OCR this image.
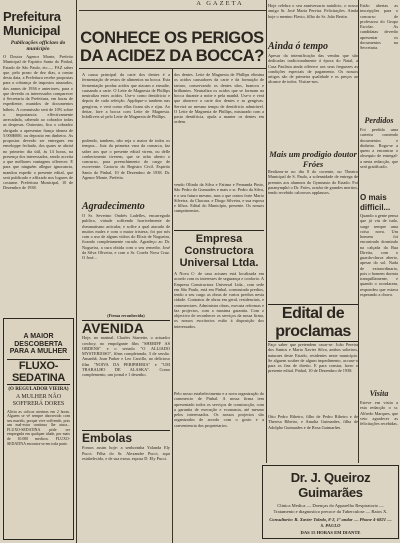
A GAZETA
Prefeitura Municipal
Publicações officiaes do município

O Doutor Agenor Monte, Prefeito Municipal de Espirito Santo do Pinhal, Estado de São Paulo, etc.— FAZ saber que, pelo prazo de dez dias, a contar desta data, a Prefeitura recebe propostas para a cobrança de impostos atrazados, dos annos de 1936 e anteriores, para o que deverão os interessados comparecer á Secretaria da Prefeitura, em horas de expediente, munidos de documentos hábeis. A commissão será de 10% sobre a importancia effectivamente arrecadada, cabendo ao cobrador todas as despesas. Outrosim, fica o cobrador obrigado a apresentar fiança idonea de 5:000$000, ou deposito em dinheiro. As propostas deverão ser entregues em enveloppe fechado, dos quaes se abrirá no primeiro dia útil, ás 14 horas, na presença dos interessados, sendo acceita a que melhores vantagens offerecer. E para que ninguém allegue ignorancia, mandou expedir o presente edital, que será publicado e affixado nos logares de costume. Prefeitura Municipal, 10 de Dezembro de 1938.

A MAIOR DESCOBERTA PARA A MULHER
FLUXO-SEDATINA
(O REGULADOR VIEIRA)
A MULHER NÃO SOFFRERÁ DORES
Alivia as colicas uterinas em 2 horas. Alguem se vê sempre aborrecido com seu marido, porque vive soffrendo, pois um mal-estar continuo lhe ataca... FLUXO-SEDATINA póde ser empregada em qualquer idade, por mais de 10.000 medicos. FLUXO-SEDATINA encontra-se em toda parte.
CONHECE OS PERIGOS DA ACIDEZ DA BOCCA?

A causa principal da carie dos dentes é a fermentação de restos de alimentos na bocca. Esta fermentação produz acidos que atacam o esmalte, causando a carie. O Leite de Magnesia de Phillips neutraliza estes acidos. Use-o como dentifricio e depois de cada refeição. Applique-o tambem nas gengivas, e verá como ellas ficam sãs e rijas. Ao deitar, lave a bocca com Leite de Magnesia. Infalliveis só pelo Leite de Magnesia de Phillips.

podendo, tambem, não seja o maior de todos os tempos... Juiz da primeira vara da comarca, faz saber aos que o presente edital virem, ou delle conhecimento tiverem, que se acha aberto o concurso, para preenchimento do cargo de escrevente. Cartorio do Registro Civil. Espirito Santo do Pinhal, 10 de Dezembro de 1938. Dr. Agenor Monte, Prefeito.

Agradecimento

O Sr. Severino Ondrés Ladelles, encarregado publico, virtude soffrendo horrivelmente de rheumatismo articular, e soffre a qual atacado de muitos males e com o maior tristeza, foi por nós com o uso de alguns vidros do Elixir de Nogueira, ficando completamente curado. Agradeço ao Dr. Nogueira, a cura obtida com o seu remedio. José da Silva Oliveira, e com o Sr. Corrêa Nova Cruz. O José...

(Firma reconhecida)
AVENIDA

Hoje, no matinal, Charles Starrette, o actuador cowboy, no empolgante film "SHERIFF AS ORDENS" e o seriado "O ALLIADO MYSTERIOSO", films completando, 3 de sessão. Amanhã, Joan Parker e Leo Carrillo, no delicioso film "NOIVA DA PERIPHERIA" e "UM TRABALHO DE ALASKA". Como complemento, um jornal e 1 desenho.

Embolas

Fomos assim hoje: a senhorinha Yolanda Ely Pucci. Filha do Sr. Alexandre Pucci, aqui estabelecido, e de sua exma. esposa D. Ely Pucci.

dos dentes. Leite de Magnesia de Phillips elimina os acidos causadores da carie e da formação de tartaro, conservando os dentes sãos, brancos e brilhantes. Neutraliza os acidos que se formam na bocca durante a noite e pela manhã. Use-o e verá que aborrece a carie dos dentes e as gengivas. Servirá ao mesmo tempo de dentifricio admirável. O Leite de Magnesia de Phillips, misturado com a pasta dentifricia, ajuda a manter os dentes em ordem.

vendo Olinda da Silva e Fatima e Fernanda Pinto, São Pedro do Gumarães e mais o sr. Pedro da Silva, e o seu futuro mesmo, mas o que outros forte Mario Silveira, da Chacara, e Diogo Silveira, e sua esposa e filhos. Edital do Município, presente. Os nossos cumprimentos.

Empresa Constructora Universal Ltda.

A Nova C- de casa actuaes está localizada em acordo com os interesses de segurança e conforto. A Empresa Constructora Universal Ltda., com sede em São Paulo, está em Pinhal, construindo predios, tendo a seu cargo as obras de varios predios nesta cidade. Contratos de obras em geral, residenciais, e commerciaes. Administra obras, executa reformas e faz projectos, com a maxima garantia. Com o objectivo de reconhecer os serviços da nossa firma, os nossos escritorios estão á disposição dos interessados.

Pelo nosso estabelecimento e a nova organização do commercio de Pinhal. A nossa firma tem apresentado todos os serviços de construcção, com a garantia de execução e economia, até mesmo pelos interessados. Os nossos projectos são organizados de acordo com o gosto e a conveniencia dos proprietarios.

Hoje celebra o seu anniversario natalicio, o nosso amigo Sr. José Maria Pereira. Felicitações. Ainda hoje o menino Flavio, filho do Sr. João Bertin.

Ainda ó tempo

Apesar da intensificação das vendas que são dedicadas tradicionalmente á época do Natal, a Casa Paulista ainda offerece aos seus freguezes as condições especiais de pagamento. Os nossos artigos são de primeira qualidade e os preços ao alcance de todos. Visitae-nos.

Mais um prodigio doutor Fróes

Realizou-se no dia 8 do corrente, no Theatro Municipal de S. Paulo, a solennidade de entrega de premios aos alumnos do Gymnasio do Estado. Foi paranymphó o Dr. Fróes, orador de grandes meritos, tendo recebido calorosos applausos.

Edital de proclamas

Faço saber que pretendem casar-se: João Pereira dos Santos e Maria Xavier Silva, ambos solteiros, naturaes deste Estado, residentes neste municipio. Se alguem souber de algum impedimento, accuse-o para os fins de direito. E para constar, lavro o presente edital. Pinhal, 10 de Dezembro de 1938.

Otto Pedro Ribeiro, filho de Pedro Ribeiro e de Theresa Ribeiro, e Amalia Guimarães, filha de Adolpho Guimarães e de Rosa Guimarães.

Estão abertas as inscripções para o concurso de professora do Grupo Escolar. As candidatas deverão apresentar os documentos na Secretaria.

Perdidos

Foi perdida uma carteira contendo documentos e dinheiro. Roga-se a quem a encontrar o obsequio de entregal-a nesta redacção, que será gratificado.

O mais difficil...

Quando a gente pensa que já viu de tudo, surge sempre uma coisa nova. Um homem foi encontrado dormindo na calçada da Rua Direita, com o guarda-chuva aberto, apesar do sol. Nada de extraordinario, pois o homem dormia tranquillamente, e quando o acordaram, respondeu que estava esperando a chuva.

Visita

Esteve em visita a esta redacção o sr. Alfredo Marques, que veio agradecer as felicitações recebidas.

Dr. J. Queiroz Guimarães
Clinica Medica — Doenças do Apparelho Respiratorio — Tratamento e diagnostico precoce da Tuberculose — Raios X.
Consultorio: R. Xavier Toledo, 8-2, 1º andar — Phone 4-6821 — S. PAULO
DAS 15 HORAS EM DIANTE
